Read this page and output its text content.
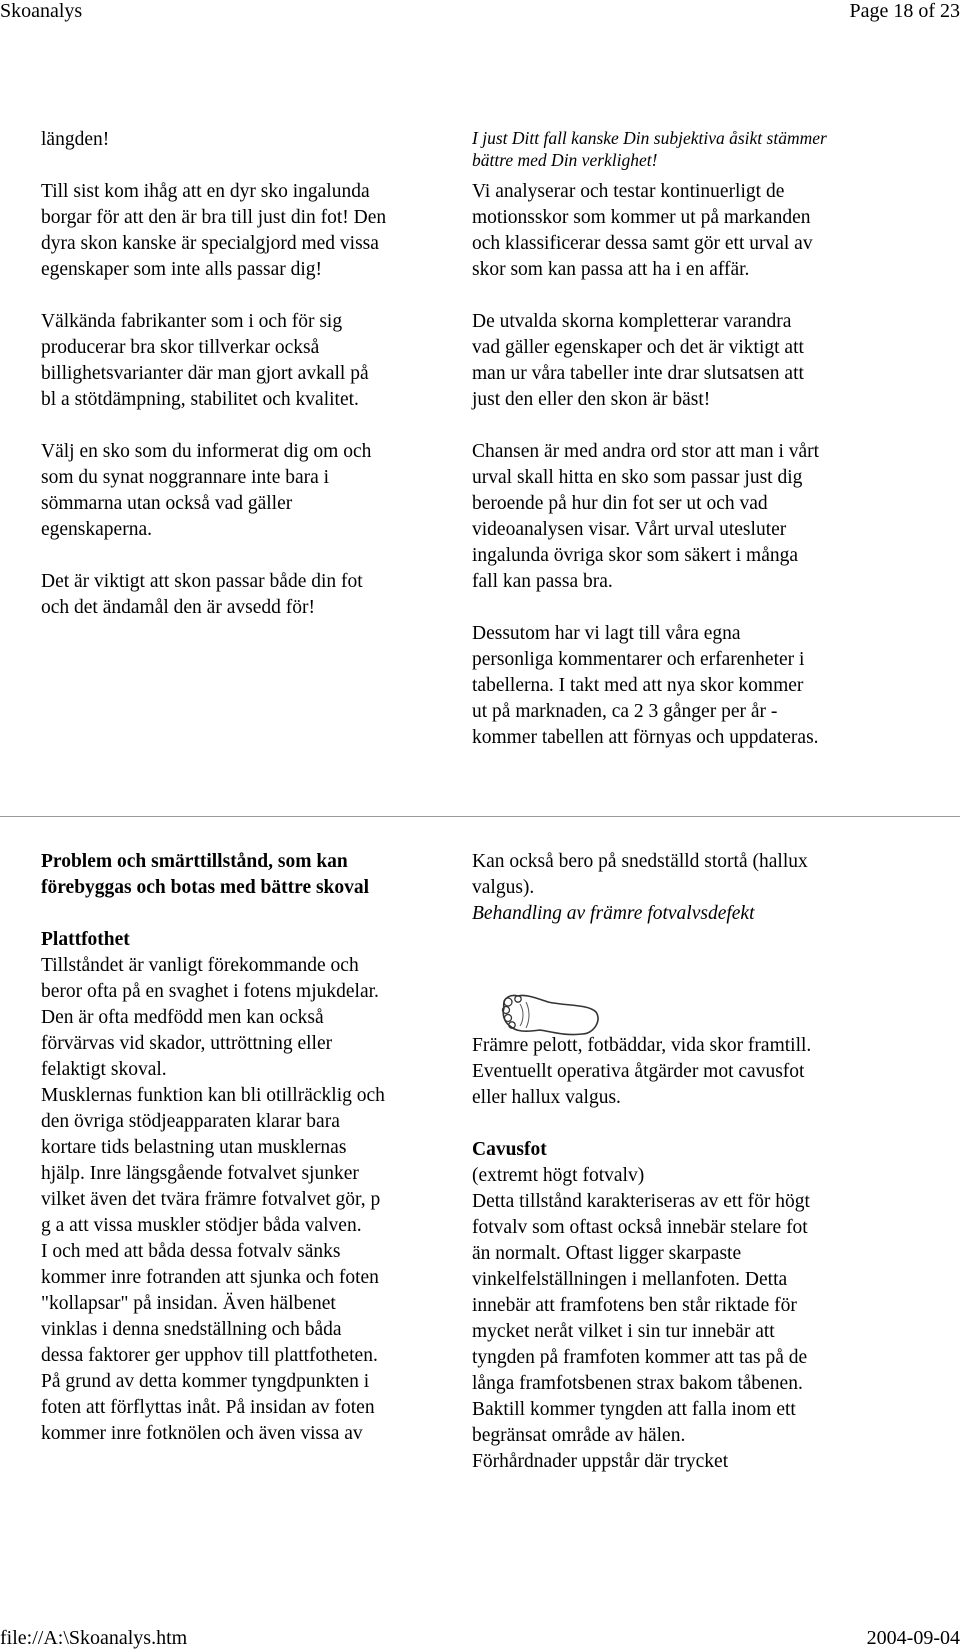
Skoanalys	Page 18 of 23

längden!

Till sist kom ihåg att en dyr sko ingalunda
borgar för att den är bra till just din fot! Den
dyra skon kanske är specialgjord med vissa
egenskaper som inte alls passar dig!

Välkända fabrikanter som i och för sig
producerar bra skor tillverkar också
billighetsvarianter där man gjort avkall på
bl a stötdämpning, stabilitet och kvalitet.

Välj en sko som du informerat dig om och
som du synat noggrannare inte bara i
sömmarna utan också vad gäller
egenskaperna.

Det är viktigt att skon passar både din fot
och det ändamål den är avsedd för!

I just Ditt fall kanske Din subjektiva åsikt stämmer
bättre med Din verklighet!

Vi analyserar och testar kontinuerligt de
motionsskor som kommer ut på markanden
och klassificerar dessa samt gör ett urval av
skor som kan passa att ha i en affär.

De utvalda skorna kompletterar varandra
vad gäller egenskaper och det är viktigt att
man ur våra tabeller inte drar slutsatsen att
just den eller den skon är bäst!

Chansen är med andra ord stor att man i vårt
urval skall hitta en sko som passar just dig
beroende på hur din fot ser ut och vad
videoanalysen visar. Vårt urval utesluter
ingalunda övriga skor som säkert i många
fall kan passa bra.

Dessutom har vi lagt till våra egna
personliga kommentarer och erfarenheter i
tabellerna. I takt med att nya skor kommer
ut på marknaden, ca 2 3 gånger per år -
kommer tabellen att förnyas och uppdateras.

Problem och smärttillstånd, som kan
förebyggas och botas med bättre skoval
Plattfothet
Tillståndet är vanligt förekommande och
beror ofta på en svaghet i fotens mjukdelar.
Den är ofta medfödd men kan också
förvärvas vid skador, uttröttning eller
felaktigt skoval.
Musklernas funktion kan bli otillräcklig och
den övriga stödjeapparaten klarar bara
kortare tids belastning utan musklernas
hjälp. Inre längsgående fotvalvet sjunker
vilket även det tvära främre fotvalvet gör, p
g a att vissa muskler stödjer båda valven.
I och med att båda dessa fotvalv sänks
kommer inre fotranden att sjunka och foten
"kollapsar" på insidan. Även hälbenet
vinklas i denna snedställning och båda
dessa faktorer ger upphov till plattfotheten.
På grund av detta kommer tyngdpunkten i
foten att förflyttas inåt. På insidan av foten
kommer inre fotknölen och även vissa av
Kan också bero på snedställd stortå (hallux
valgus).
Behandling av främre fotvalvsdefekt
Främre pelott, fotbäddar, vida skor framtill.
Eventuellt operativa åtgärder mot cavusfot
eller hallux valgus.
Cavusfot
(extremt högt fotvalv)
Detta tillstånd karakteriseras av ett för högt
fotvalv som oftast också innebär stelare fot
än normalt. Oftast ligger skarpaste
vinkelfelställningen i mellanfoten. Detta
innebär att framfotens ben står riktade för
mycket neråt vilket i sin tur innebär att
tyngden på framfoten kommer att tas på de
långa framfotsbenen strax bakom tåbenen.
Baktill kommer tyngden att falla inom ett
begränsat område av hälen.
Förhårdnader uppstår där trycket
file://A:\Skoanalys.htm	2004-09-04
